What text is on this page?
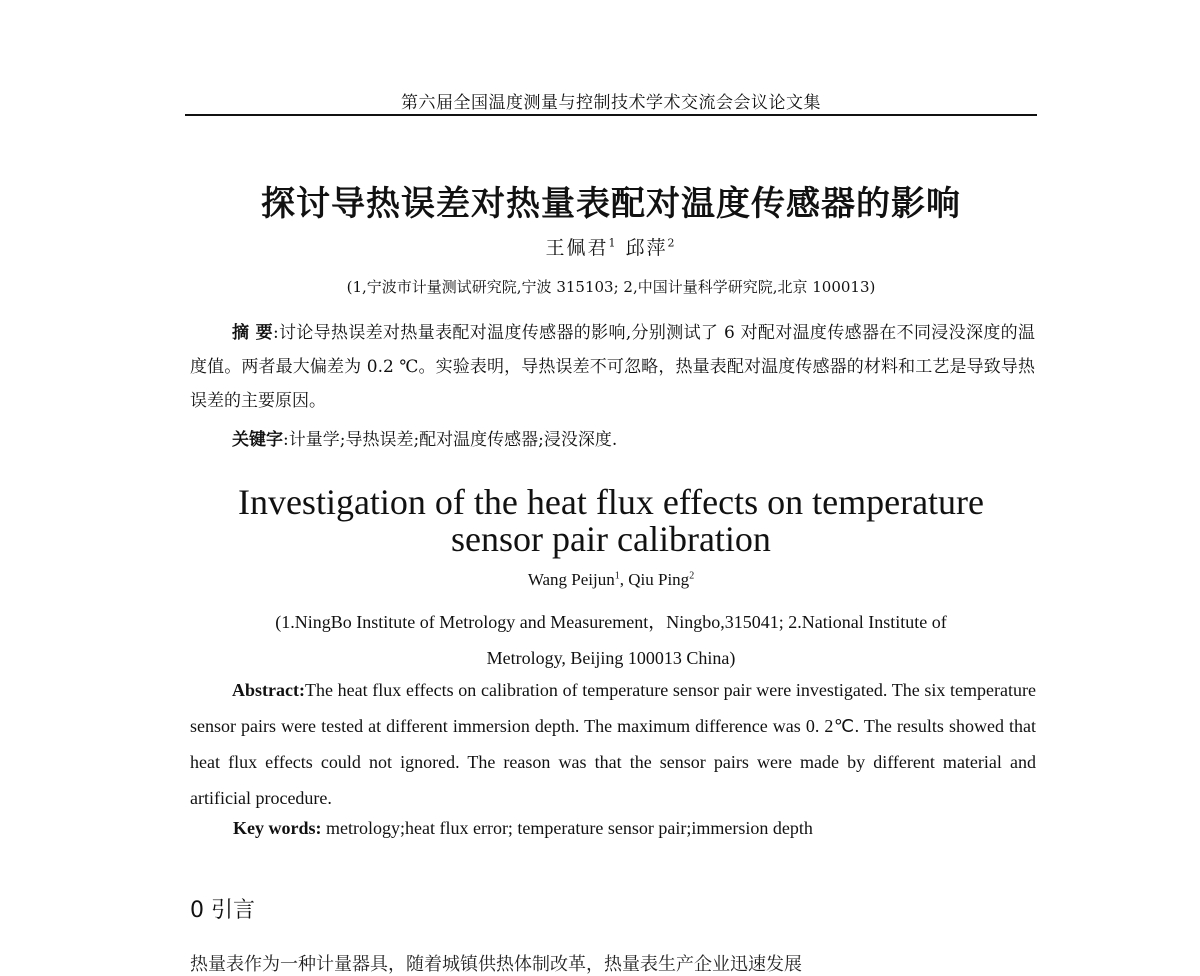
第六届全国温度测量与控制技术学术交流会会议论文集
探讨导热误差对热量表配对温度传感器的影响
王佩君$^1$ 邱萍$^2$
(1,宁波市计量测试研究院,宁波 315103; 2,中国计量科学研究院,北京 100013)

摘 要:讨论导热误差对热量表配对温度传感器的影响,分别测试了 6 对配对温度传感器在不同浸没深度的温度值。两者最大偏差为 0.2 ℃。实验表明，导热误差不可忽略，热量表配对温度传感器的材料和工艺是导致导热误差的主要原因。

关键字:计量学;导热误差;配对温度传感器;浸没深度.
Investigation of the heat flux effects on temperature
sensor pair calibration
Wang Peijun$^1$, Qiu Ping$^2$
(1.NingBo Institute of Metrology and Measurement，Ningbo,315041; 2.National Institute of
Metrology, Beijing 100013 China)

Abstract:The heat flux effects on calibration of temperature sensor pair were investigated. The six temperature sensor pairs were tested at different immersion depth. The maximum difference was 0. 2℃. The results showed that heat flux effects could not ignored. The reason was that the sensor pairs were made by different material and artificial procedure.

Key words: metrology;heat flux error; temperature sensor pair;immersion depth
0 引言
热量表作为一种计量器具，随着城镇供热体制改革，热量表生产企业迅速发展
